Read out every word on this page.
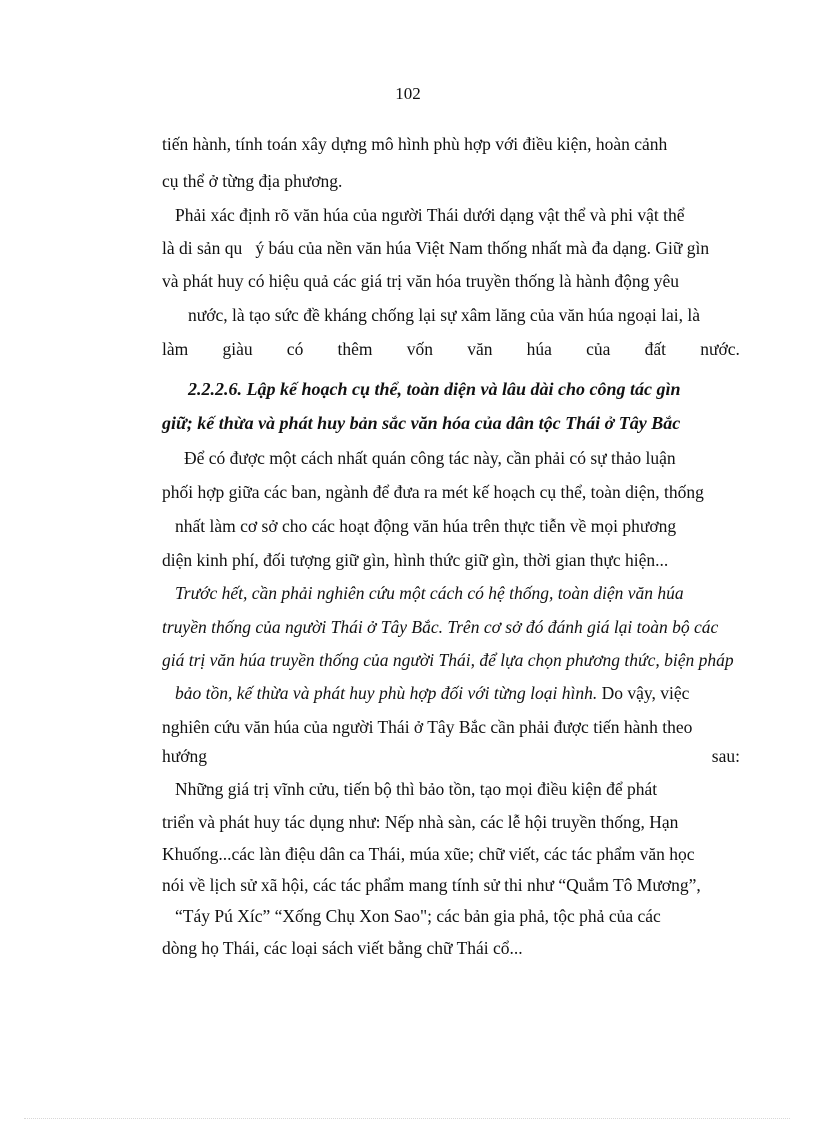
102
tiến hành, tính toán xây dựng mô hình phù hợp với điều kiện, hoàn cảnh
cụ thể ở từng địa phương.
Phải xác định rõ văn húa của người Thái dưới dạng vật thể và phi vật thể
là di sản qu   ý báu của nền văn húa Việt Nam thống nhất mà đa dạng. Giữ gìn
và phát huy có hiệu quả các giá trị văn hóa truyền thống là hành động yêu
nước, là tạo sức đề kháng chống lại sự xâm lăng của văn húa ngoại lai, là
làm giàu có thêm vốn văn húa của đất nước.
2.2.2.6. Lập kế hoạch cụ thể, toàn diện và lâu dài cho công tác gìn
giữ; kế thừa và phát huy bản sắc văn hóa của dân tộc Thái ở Tây Bắc
Để có được một cách nhất quán công tác này, cần phải có sự thảo luận
phối hợp giữa các ban, ngành để đưa ra mét kế hoạch cụ thể, toàn diện, thống
nhất làm cơ sở cho các hoạt động văn húa trên thực tiễn về mọi phương
diện kinh phí, đối tượng giữ gìn, hình thức giữ gìn, thời gian thực hiện...
Trước hết, cần phải nghiên cứu một cách có hệ thống, toàn diện văn húa
truyền thống của người Thái ở Tây Bắc. Trên cơ sở đó đánh giá lại toàn bộ các
giá trị văn húa truyền thống của người Thái, để lựa chọn phương thức, biện pháp
bảo tồn, kế thừa và phát huy phù hợp đối với từng loại hình. Do vậy, việc
nghiên cứu văn húa của người Thái ở Tây Bắc cần phải được tiến hành theo
hướng	sau:
Những giá trị vĩnh cửu, tiến bộ thì bảo tồn, tạo mọi điều kiện để phát
triển và phát huy tác dụng như: Nếp nhà sàn, các lễ hội truyền thống, Hạn
Khuống...các làn điệu dân ca Thái, múa xũe; chữ viết, các tác phẩm văn học
nói về lịch sử xã hội, các tác phẩm mang tính sử thi như “Quắm Tô Mương”,
“Táy Pú Xíc” “Xống Chụ Xon Sao"; các bản gia phả, tộc phả của các
dòng họ Thái, các loại sách viết bằng chữ Thái cổ...
